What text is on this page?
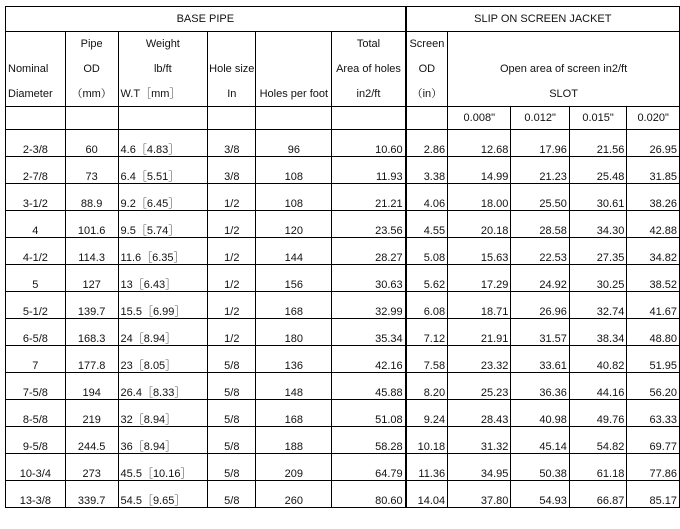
BASE PIPE						SLIP ON SCREEN JACKET				
	Pipe	Weight			Total	Screen				
Nominal	OD	lb/ft	Hole size		Area of holes	OD	Open area of screen in2/ft			
Diameter	（mm）	W.T［mm］	In	Holes per foot	in2/ft	（in）	SLOT			
							0.008"	0.012"	0.015"	0.020"
2-3/8	60	4.6［4.83］	3/8	96	10.60	2.86	12.68	17.96	21.56	26.95
2-7/8	73	6.4［5.51］	3/8	108	11.93	3.38	14.99	21.23	25.48	31.85
3-1/2	88.9	9.2［6.45］	1/2	108	21.21	4.06	18.00	25.50	30.61	38.26
4	101.6	9.5［5.74］	1/2	120	23.56	4.55	20.18	28.58	34.30	42.88
4-1/2	114.3	11.6［6.35］	1/2	144	28.27	5.08	15.63	22.53	27.35	34.82
5	127	13［6.43］	1/2	156	30.63	5.62	17.29	24.92	30.25	38.52
5-1/2	139.7	15.5［6.99］	1/2	168	32.99	6.08	18.71	26.96	32.74	41.67
6-5/8	168.3	24［8.94］	1/2	180	35.34	7.12	21.91	31.57	38.34	48.80
7	177.8	23［8.05］	5/8	136	42.16	7.58	23.32	33.61	40.82	51.95
7-5/8	194	26.4［8.33］	5/8	148	45.88	8.20	25.23	36.36	44.16	56.20
8-5/8	219	32［8.94］	5/8	168	51.08	9.24	28.43	40.98	49.76	63.33
9-5/8	244.5	36［8.94］	5/8	188	58.28	10.18	31.32	45.14	54.82	69.77
10-3/4	273	45.5［10.16］	5/8	209	64.79	11.36	34.95	50.38	61.18	77.86
13-3/8	339.7	54.5［9.65］	5/8	260	80.60	14.04	37.80	54.93	66.87	85.17
